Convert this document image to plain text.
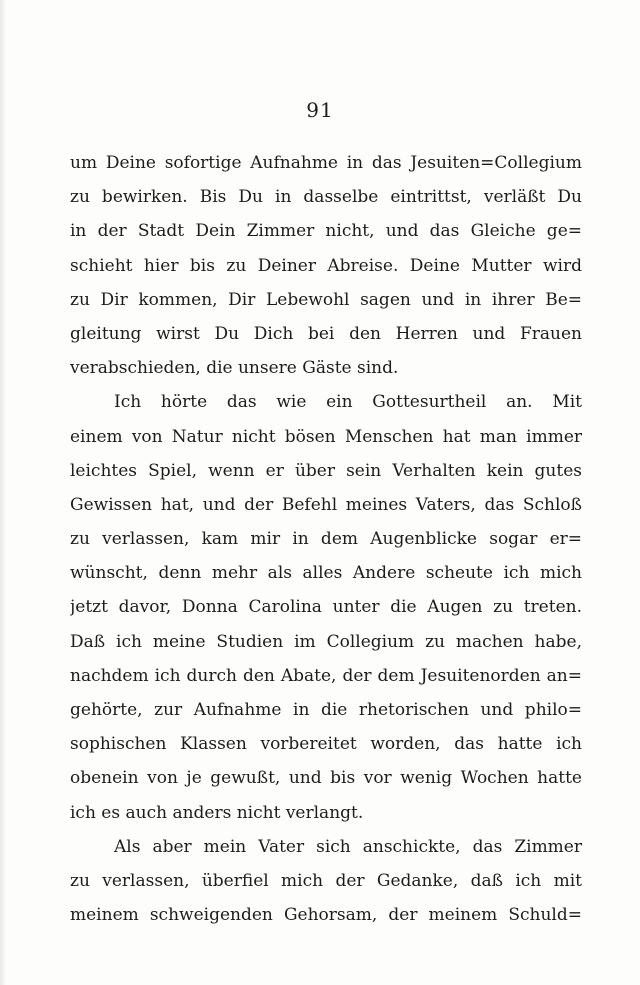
91
um Deine sofortige Aufnahme in das Jesuiten=Collegium
zu bewirken. Bis Du in dasselbe eintrittst, verläßt Du
in der Stadt Dein Zimmer nicht, und das Gleiche ge=
schieht hier bis zu Deiner Abreise. Deine Mutter wird
zu Dir kommen, Dir Lebewohl sagen und in ihrer Be=
gleitung wirst Du Dich bei den Herren und Frauen
verabschieden, die unsere Gäste sind.
Ich hörte das wie ein Gottesurtheil an. Mit
einem von Natur nicht bösen Menschen hat man immer
leichtes Spiel, wenn er über sein Verhalten kein gutes
Gewissen hat, und der Befehl meines Vaters, das Schloß
zu verlassen, kam mir in dem Augenblicke sogar er=
wünscht, denn mehr als alles Andere scheute ich mich
jetzt davor, Donna Carolina unter die Augen zu treten.
Daß ich meine Studien im Collegium zu machen habe,
nachdem ich durch den Abate, der dem Jesuitenorden an=
gehörte, zur Aufnahme in die rhetorischen und philo=
sophischen Klassen vorbereitet worden, das hatte ich
obenein von je gewußt, und bis vor wenig Wochen hatte
ich es auch anders nicht verlangt.
Als aber mein Vater sich anschickte, das Zimmer
zu verlassen, überfiel mich der Gedanke, daß ich mit
meinem schweigenden Gehorsam, der meinem Schuld=
